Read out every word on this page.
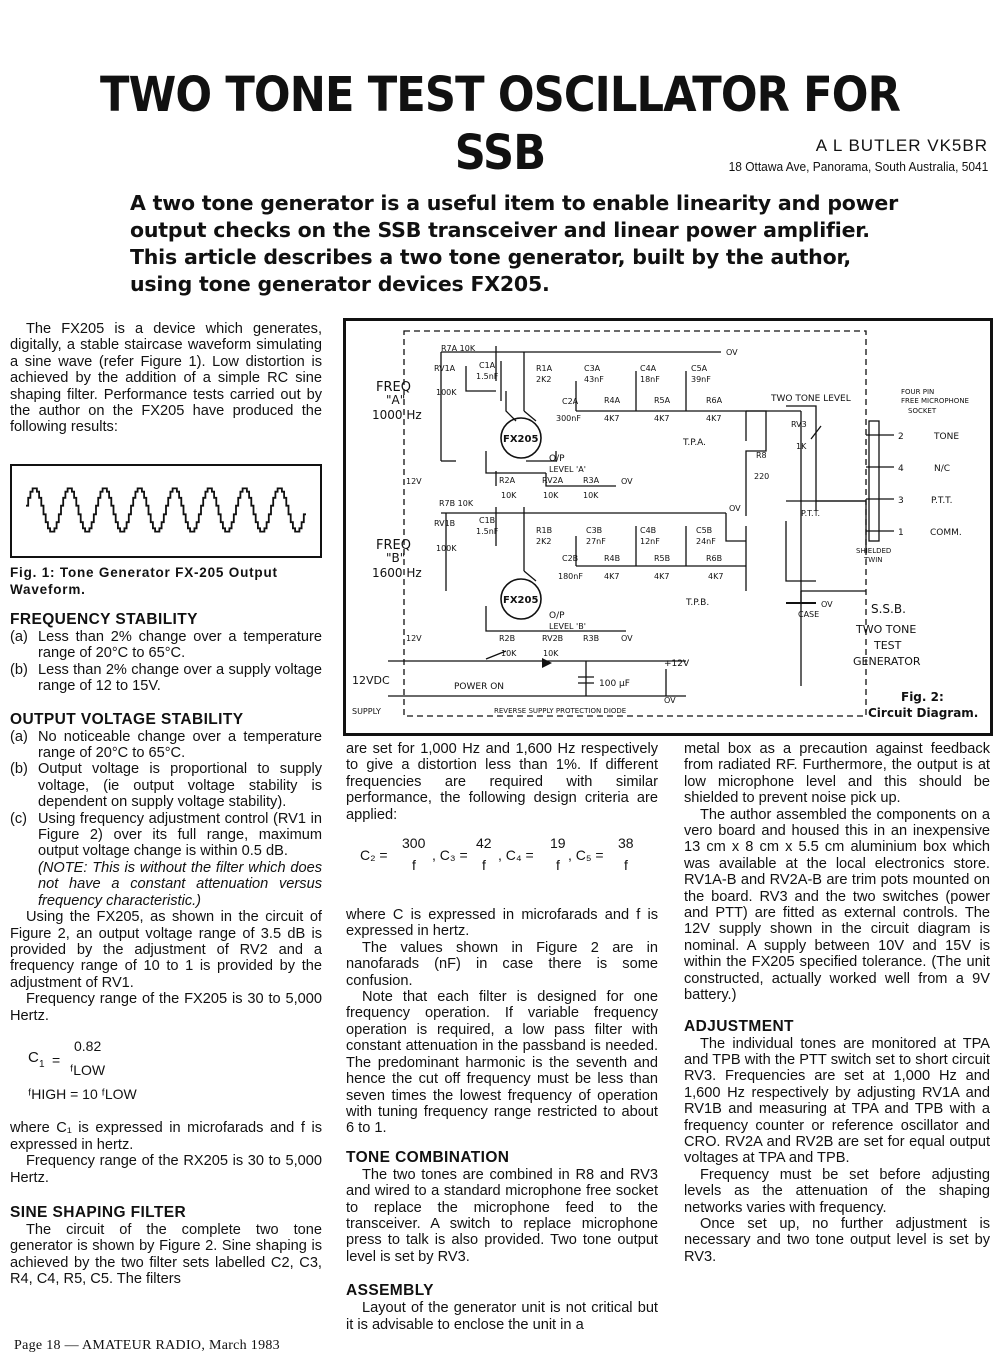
TWO TONE TEST OSCILLATOR FOR SSB	A L BUTLER VK5BR
18 Ottawa Ave, Panorama, South Australia, 5041
A two tone generator is a useful item to enable linearity and power output checks on the SSB transceiver and linear power amplifier. This article describes a two tone generator, built by the author, using tone generator devices FX205.

The FX205 is a device which generates, digitally, a stable staircase waveform simulating a sine wave (refer Figure 1). Low distortion is achieved by the addition of a simple RC sine shaping filter. Performance tests carried out by the author on the FX205 have produced the following results:

Fig. 1: Tone Generator FX-205 Output Waveform.
FREQUENCY STABILITY
(a) Less than 2% change over a temperature range of 20°C to 65°C.
(b) Less than 2% change over a supply voltage range of 12 to 15V.
OUTPUT VOLTAGE STABILITY
(a) No noticeable change over a temperature range of 20°C to 65°C.
(b) Output voltage is proportional to supply voltage, (ie output voltage stability is dependent on supply voltage stability).
(c) Using frequency adjustment control (RV1 in Figure 2) over its full range, maximum output voltage change is within 0.5 dB.
(NOTE: This is without the filter which does not have a constant attenuation versus frequency characteristic.)

Using the FX205, as shown in the circuit of Figure 2, an output voltage range of 3.5 dB is provided by the adjustment of RV2 and a frequency range of 10 to 1 is provided by the adjustment of RV1.

Frequency range of the FX205 is 30 to 5,000 Hertz.

C 1 =
0.82
ᶠLOW
ᶠHIGH = 10 ᶠLOW

where C₁ is expressed in microfarads and f is expressed in hertz.

Frequency range of the RX205 is 30 to 5,000 Hertz.

SINE SHAPING FILTER

The circuit of the complete two tone generator is shown by Figure 2. Sine shaping is achieved by the two filter sets labelled C2, C3, R4, C4, R5, C5. The filters

FREQ
"A"
1000 Hz
R7A 10K
RV1A
100K
C1A
1.5nF
R1A
2K2
C2A
300nF
C3A
43nF
R4A
4K7
C4A
18nF
R5A
4K7
C5A
39nF
R6A
4K7
T.P.A.
OV
FX205
O/P
LEVEL 'A'
R2A	RV2A R3A
10K	10K	10K
OV
12V
FREQ
"B"
1600 Hz
R7B 10K
RV1B
100K
C1B
1.5nF	R1B
2K2
C2B
180nF
C3B
27nF
R4B
4K7
C4B
12nF
R5B
4K7
C5B
24nF
R6B
4K7
T.P.B.
OV
FX205
O/P
LEVEL 'B'
R2B	RV2B R3B
10K	10K
OV
12V
TWO TONE LEVEL
RV3
1K
R8
220
P.T.T.
OV
CASE
FOUR PIN
FREE MICROPHONE
SOCKET
2	TONE
4	N/C
3	P.T.T.
1	COMM.
SHIELDED
TWIN
S.S.B.
TWO TONE
TEST
GENERATOR
Fig. 2:
Circuit Diagram.
12VDC
SUPPLY
POWER ON
+12V
100 µF
OV
REVERSE SUPPLY PROTECTION DIODE

are set for 1,000 Hz and 1,600 Hz respectively to give a distortion less than 1%. If different frequencies are required with similar performance, the following design criteria are applied:

C₂ =
300
f
, C₃ =
42
f
, C₄ =
19
f
, C₅ =
38
f

where C is expressed in microfarads and f is expressed in hertz.

The values shown in Figure 2 are in nanofarads (nF) in case there is some confusion.

Note that each filter is designed for one frequency operation. If variable frequency operation is required, a low pass filter with constant attenuation in the passband is needed. The predominant harmonic is the seventh and hence the cut off frequency must be less than seven times the lowest frequency of operation with tuning frequency range restricted to about 6 to 1.

TONE COMBINATION

The two tones are combined in R8 and RV3 and wired to a standard microphone free socket to replace the microphone feed to the transceiver. A switch to replace microphone press to talk is also provided. Two tone output level is set by RV3.

ASSEMBLY

Layout of the generator unit is not critical but it is advisable to enclose the unit in a

metal box as a precaution against feedback from radiated RF. Furthermore, the output is at low microphone level and this should be shielded to prevent noise pick up.

The author assembled the components on a vero board and housed this in an inexpensive 13 cm x 8 cm x 5.5 cm aluminium box which was available at the local electronics store. RV1A-B and RV2A-B are trim pots mounted on the board. RV3 and the two switches (power and PTT) are fitted as external controls. The 12V supply shown in the circuit diagram is nominal. A supply between 10V and 15V is within the FX205 specified tolerance. (The unit constructed, actually worked well from a 9V battery.)

ADJUSTMENT

The individual tones are monitored at TPA and TPB with the PTT switch set to short circuit RV3. Frequencies are set at 1,000 Hz and 1,600 Hz respectively by adjusting RV1A and RV1B and measuring at TPA and TPB with a frequency counter or reference oscillator and CRO. RV2A and RV2B are set for equal output voltages at TPA and TPB.

Frequency must be set before adjusting levels as the attenuation of the shaping networks varies with frequency.

Once set up, no further adjustment is necessary and two tone output level is set by RV3.

Page 18 — AMATEUR RADIO, March 1983
